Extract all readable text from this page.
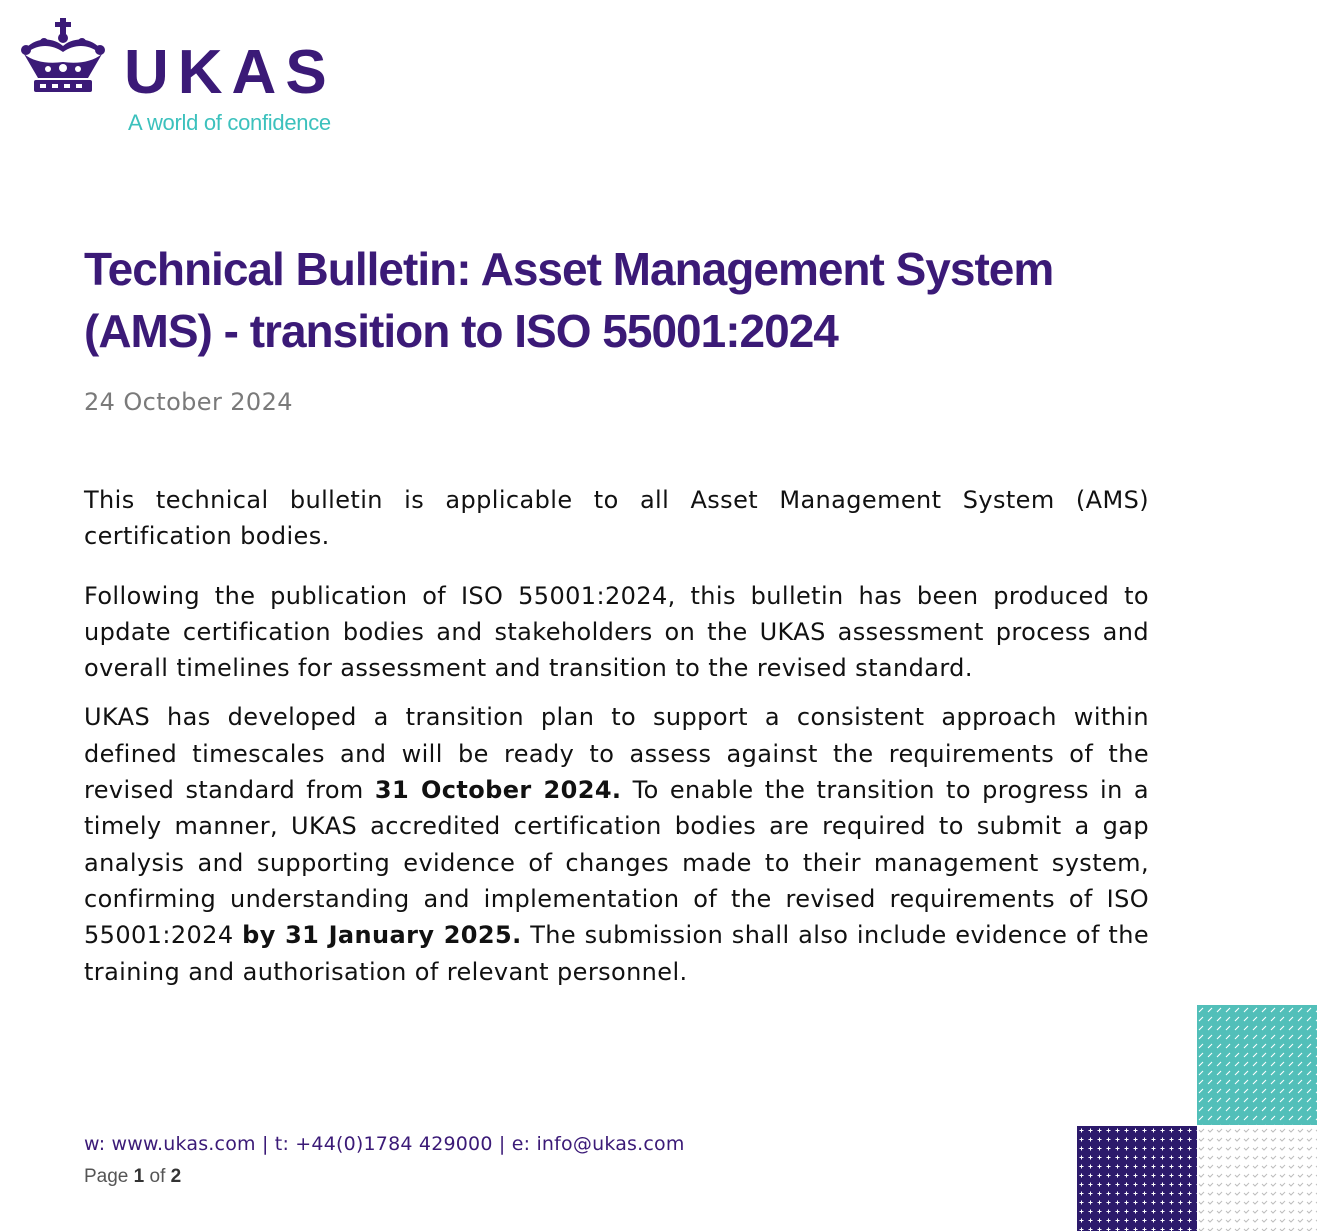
UKAS
A world of confidence
Technical Bulletin: Asset Management System
(AMS) - transition to ISO 55001:2024
24 October 2024

This technical bulletin is applicable to all Asset Management System (AMS) certification bodies.

Following the publication of ISO 55001:2024, this bulletin has been produced to update certification bodies and stakeholders on the UKAS assessment process and overall timelines for assessment and transition to the revised standard.

UKAS has developed a transition plan to support a consistent approach within defined timescales and will be ready to assess against the requirements of the revised standard from 31 October 2024. To enable the transition to progress in a timely manner, UKAS accredited certification bodies are required to submit a gap analysis and supporting evidence of changes made to their management system, confirming understanding and implementation of the revised requirements of ISO 55001:2024 by 31 January 2025. The submission shall also include evidence of the training and authorisation of relevant personnel.

w: www.ukas.com | t: +44(0)1784 429000 | e: info@ukas.com
Page 1 of 2
